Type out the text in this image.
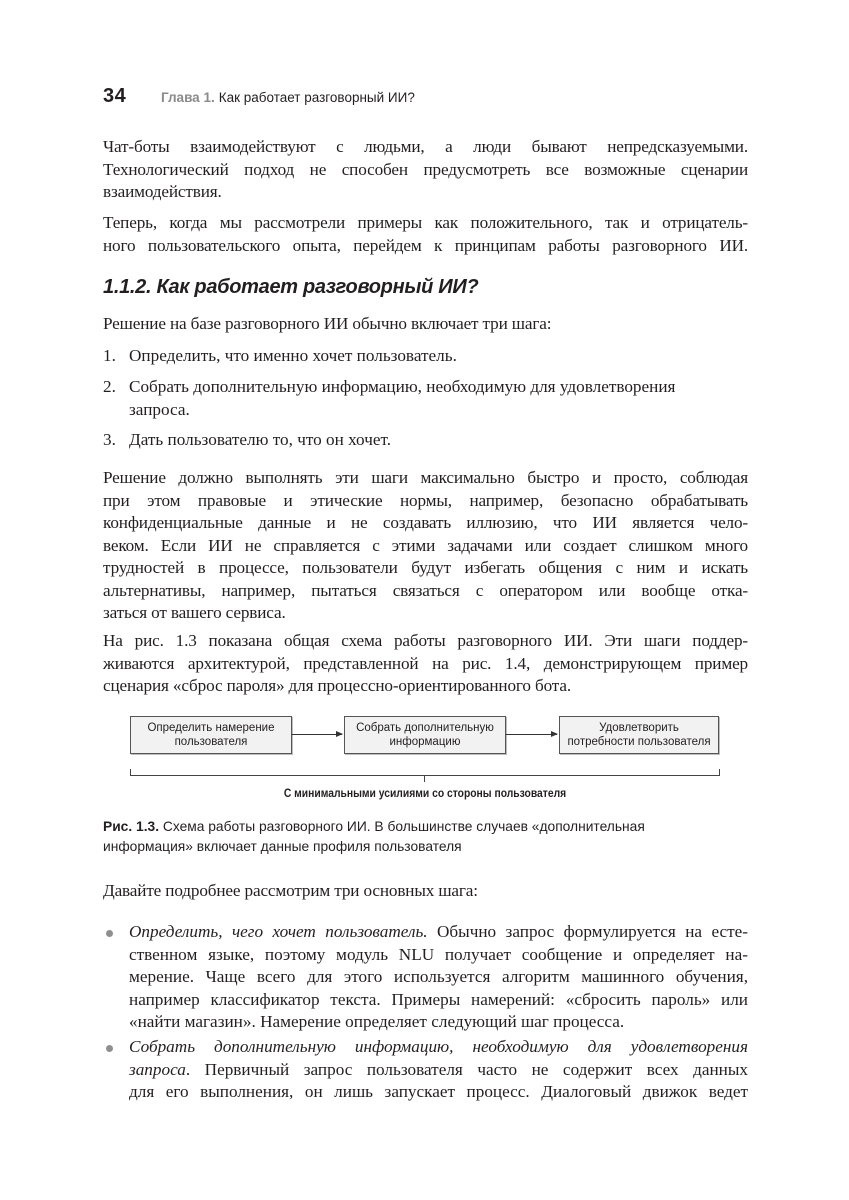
34	Глава 1. Как работает разговорный ИИ?

Чат-боты взаимодействуют с людьми, а люди бывают непредсказуемыми.
Технологический подход не способен предусмотреть все возможные сценарии
взаимодействия.

Теперь, когда мы рассмотрели примеры как положительного, так и отрицатель-
ного пользовательского опыта, перейдем к принципам работы разговорного ИИ.

1.1.2. Как работает разговорный ИИ?

Решение на базе разговорного ИИ обычно включает три шага:

1. Определить, что именно хочет пользователь.
2. Собрать дополнительную информацию, необходимую для удовлетворения
запроса.
3. Дать пользователю то, что он хочет.

Решение должно выполнять эти шаги максимально быстро и просто, соблюдая
при этом правовые и этические нормы, например, безопасно обрабатывать
конфиденциальные данные и не создавать иллюзию, что ИИ является чело-
веком. Если ИИ не справляется с этими задачами или создает слишком много
трудностей в процессе, пользователи будут избегать общения с ним и искать
альтернативы, например, пытаться связаться с оператором или вообще отка-
заться от вашего сервиса.

На рис. 1.3 показана общая схема работы разговорного ИИ. Эти шаги поддер-
живаются архитектурой, представленной на рис. 1.4, демонстрирующем пример
сценария «сброс пароля» для процессно-ориентированного бота.

Определить намерение
пользователя
Собрать дополнительную
информацию
Удовлетворить
потребности пользователя
С минимальными усилиями со стороны пользователя
Рис. 1.3. Схема работы разговорного ИИ. В большинстве случаев «дополнительная
информация» включает данные профиля пользователя

Давайте подробнее рассмотрим три основных шага:

Определить, чего хочет пользователь. Обычно запрос формулируется на есте-
ственном языке, поэтому модуль NLU получает сообщение и определяет на-
мерение. Чаще всего для этого используется алгоритм машинного обучения,
например классификатор текста. Примеры намерений: «сбросить пароль» или
«найти магазин». Намерение определяет следующий шаг процесса.
Собрать дополнительную информацию, необходимую для удовлетворения
запроса. Первичный запрос пользователя часто не содержит всех данных
для его выполнения, он лишь запускает процесс. Диалоговый движок ведет
